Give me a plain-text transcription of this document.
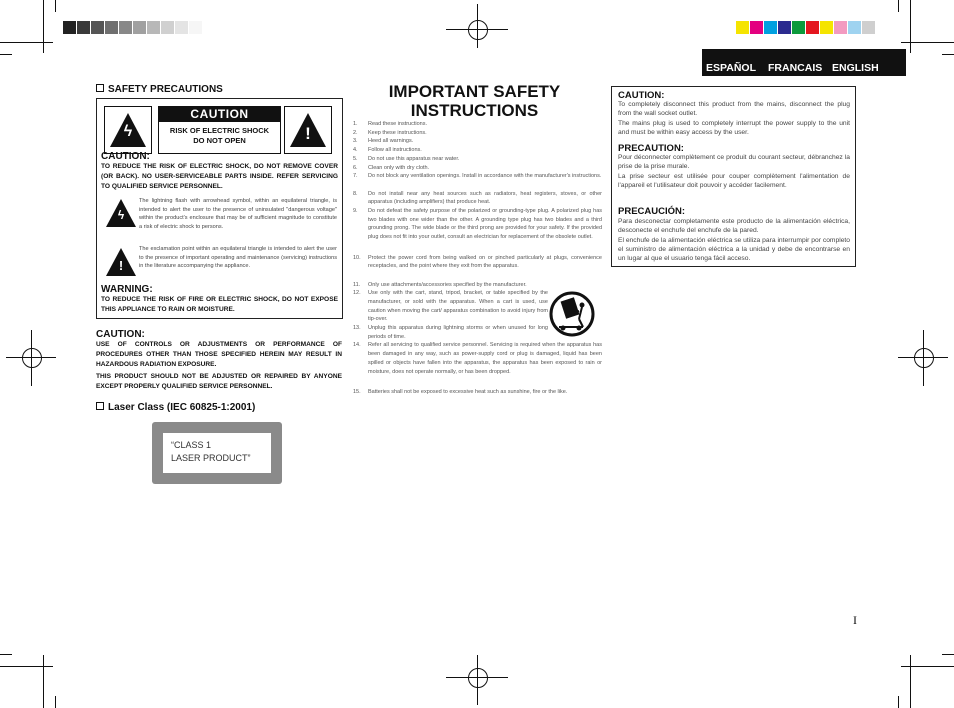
ESPAÑOL FRANCAIS ENGLISH
SAFETY PRECAUTIONS
ϟ
CAUTION
RISK OF ELECTRIC SHOCK
DO NOT OPEN	!
CAUTION:
TO REDUCE THE RISK OF ELECTRIC SHOCK, DO NOT REMOVE COVER (OR BACK). NO USER-SERVICEABLE PARTS INSIDE. REFER SERVICING TO QUALIFIED SERVICE PERSONNEL.
ϟ
The lightning flash with arrowhead symbol, within an equilateral triangle, is intended to alert the user to the presence of uninsulated "dangerous voltage" within the product's enclosure that may be of sufficient magnitude to constitute a risk of electric shock to persons.
!
The exclamation point within an equilateral triangle is intended to alert the user to the presence of important operating and maintenance (servicing) instructions in the literature accompanying the appliance.
WARNING:
TO REDUCE THE RISK OF FIRE OR ELECTRIC SHOCK, DO NOT EXPOSE THIS APPLIANCE TO RAIN OR MOISTURE.
CAUTION:
USE OF CONTROLS OR ADJUSTMENTS OR PERFORMANCE OF PROCEDURES OTHER THAN THOSE SPECIFIED HEREIN MAY RESULT IN HAZARDOUS RADIATION EXPOSURE.
THIS PRODUCT SHOULD NOT BE ADJUSTED OR REPAIRED BY ANYONE EXCEPT PROPERLY QUALIFIED SERVICE PERSONNEL.
Laser Class (IEC 60825-1:2001)
“CLASS 1
LASER PRODUCT”
IMPORTANT SAFETY
INSTRUCTIONS
1.	Read these instructions.
2.	Keep these instructions.
3.	Heed all warnings.
4.	Follow all instructions.
5.	Do not use this apparatus near water.
6.	Clean only with dry cloth.
7.	Do not block any ventilation openings. Install in accordance with the manufacturer's instructions.
8.	Do not install near any heat sources such as radiators, heat registers, stoves, or other apparatus (including amplifiers) that produce heat.
9.	Do not defeat the safety purpose of the polarized or grounding-type plug. A polarized plug has two blades with one wider than the other. A grounding type plug has two blades and a third grounding prong. The wide blade or the third prong are provided for your safety. If the provided plug does not fit into your outlet, consult an electrician for replacement of the obsolete outlet.
10.	Protect the power cord from being walked on or pinched particularly at plugs, convenience receptacles, and the point where they exit from the apparatus.
11.	Only use attachments/accessories specified by the manufacturer.
12.	Use only with the cart, stand, tripod, bracket, or table specified by the manufacturer, or sold with the apparatus. When a cart is used, use caution when moving the cart/ apparatus combination to avoid injury from tip-over.
13.	Unplug this apparatus during lightning storms or when unused for long periods of time.
14.	Refer all servicing to qualified service personnel. Servicing is required when the apparatus has been damaged in any way, such as power-supply cord or plug is damaged, liquid has been spilled or objects have fallen into the apparatus, the apparatus has been exposed to rain or moisture, does not operate normally, or has been dropped.
15.	Batteries shall not be exposed to excessive heat such as sunshine, fire or the like.
CAUTION:
To completely disconnect this product from the mains, disconnect the plug from the wall socket outlet.
The mains plug is used to completely interrupt the power supply to the unit and must be within easy access by the user.
PRECAUTION:
Pour déconnecter complètement ce produit du courant secteur, débranchez la prise de la prise murale.
La prise secteur est utilisée pour couper complètement l'alimentation de l'appareil et l'utilisateur doit pouvoir y accéder facilement.
PRECAUCIÓN:
Para desconectar completamente este producto de la alimentación eléctrica, desconecte el enchufe del enchufe de la pared.
El enchufe de la alimentación eléctrica se utiliza para interrumpir por completo el suministro de alimentación eléctrica a la unidad y debe de encontrarse en un lugar al que el usuario tenga fácil acceso.
I
